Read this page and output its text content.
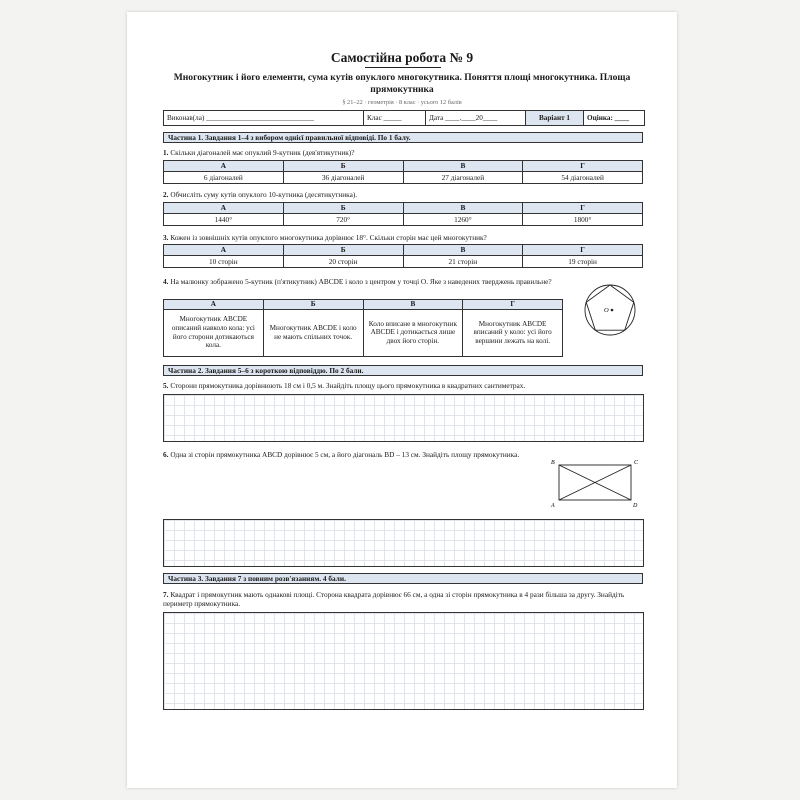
Самостійна робота № 9
Многокутник і його елементи, сума кутів опуклого многокутника. Поняття площі многокутника. Площа прямокутника
§ 21–22 · геометрія · 8 клас · усього 12 балів
Виконав(ла) ______________________________	Клас _____	Дата ____.____20____	Варіант 1	Оцінка: ____
Частина 1. Завдання 1–4 з вибором однієї правильної відповіді. По 1 балу.
1. Скільки діагоналей має опуклий 9-кутник (дев'ятикутник)?
А	Б	В	Г
6 діагоналей	36 діагоналей	27 діагоналей	54 діагоналей
2. Обчисліть суму кутів опуклого 10-кутника (десятикутника).
А	Б	В	Г
1440°	720°	1260°	1800°
3. Кожен із зовнішніх кутів опуклого многокутника дорівнює 18°. Скільки сторін має цей многокутник?
А	Б	В	Г
10 сторін	20 сторін	21 сторін	19 сторін
4. На малюнку зображено 5-кутник (п'ятикутник) ABCDE і коло з центром у точці O. Яке з наведених тверджень правильне?
А	Б	В	Г
Многокутник ABCDE описаний навколо кола: усі його сторони дотикаються кола.	Многокутник ABCDE і коло не мають спільних точок.	Коло вписане в многокутник ABCDE і дотикається лише двох його сторін.	Многокутник ABCDE вписаний у коло: усі його вершини лежать на колі.
O
Частина 2. Завдання 5–6 з короткою відповіддю. По 2 бали.
5. Сторони прямокутника дорівнюють 18 см і 0,5 м. Знайдіть площу цього прямокутника в квадратних сантиметрах.
6. Одна зі сторін прямокутника ABCD дорівнює 5 см, а його діагональ BD – 13 см. Знайдіть площу прямокутника.
B	C
A	D
Частина 3. Завдання 7 з повним розв'язанням. 4 бали.
7. Квадрат і прямокутник мають однакові площі. Сторона квадрата дорівнює 66 см, а одна зі сторін прямокутника в 4 рази більша за другу. Знайдіть периметр прямокутника.
